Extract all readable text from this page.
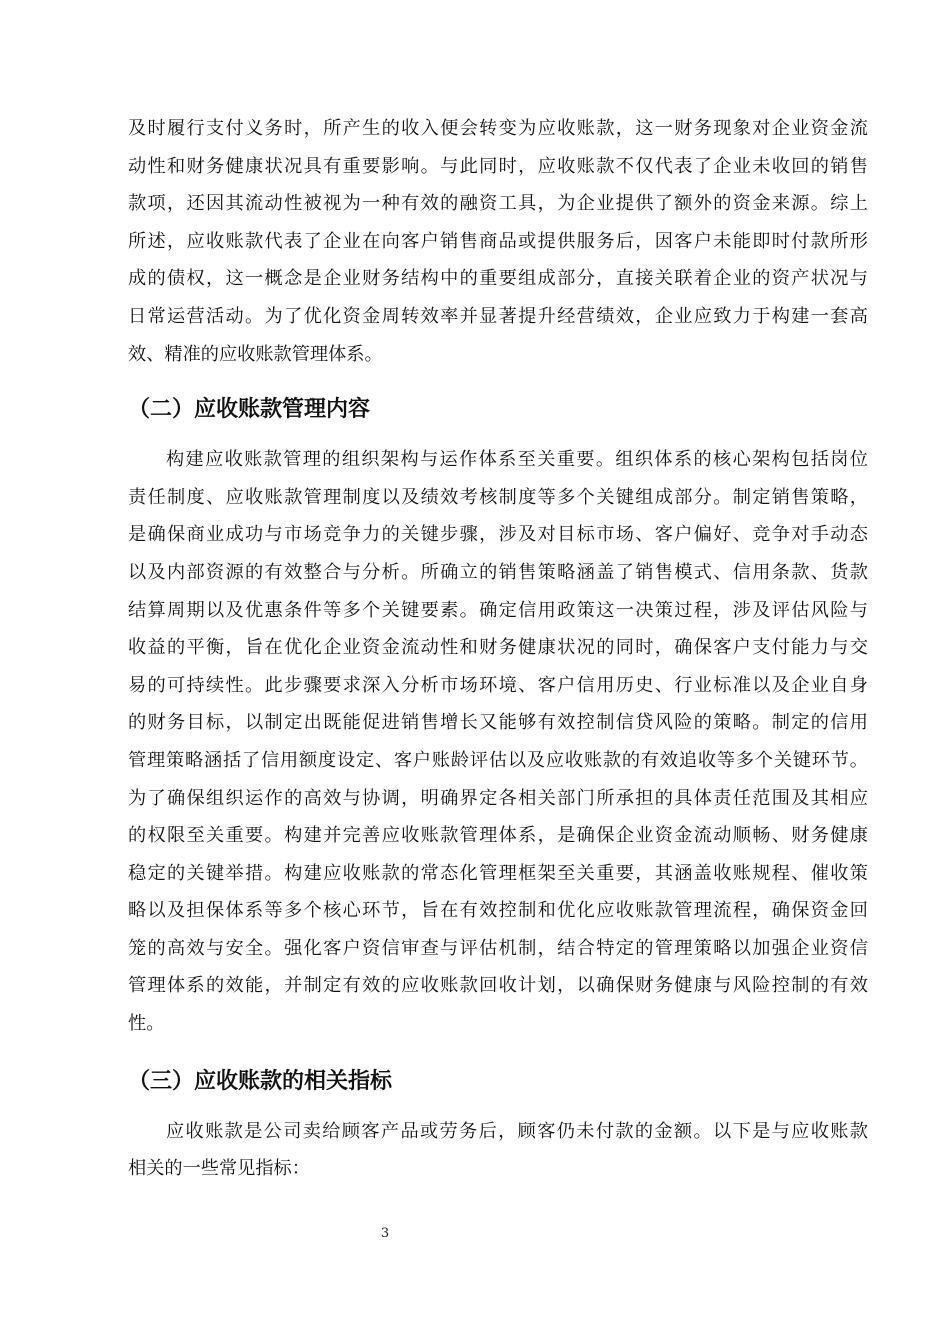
及时履行支付义务时，所产生的收入便会转变为应收账款，这一财务现象对企业资金流
动性和财务健康状况具有重要影响。与此同时，应收账款不仅代表了企业未收回的销售
款项，还因其流动性被视为一种有效的融资工具，为企业提供了额外的资金来源。综上
所述，应收账款代表了企业在向客户销售商品或提供服务后，因客户未能即时付款所形
成的债权，这一概念是企业财务结构中的重要组成部分，直接关联着企业的资产状况与
日常运营活动。为了优化资金周转效率并显著提升经营绩效，企业应致力于构建一套高
效、精准的应收账款管理体系。
（二）应收账款管理内容
构建应收账款管理的组织架构与运作体系至关重要。组织体系的核心架构包括岗位
责任制度、应收账款管理制度以及绩效考核制度等多个关键组成部分。制定销售策略，
是确保商业成功与市场竞争力的关键步骤，涉及对目标市场、客户偏好、竞争对手动态
以及内部资源的有效整合与分析。所确立的销售策略涵盖了销售模式、信用条款、货款
结算周期以及优惠条件等多个关键要素。确定信用政策这一决策过程，涉及评估风险与
收益的平衡，旨在优化企业资金流动性和财务健康状况的同时，确保客户支付能力与交
易的可持续性。此步骤要求深入分析市场环境、客户信用历史、行业标准以及企业自身
的财务目标，以制定出既能促进销售增长又能够有效控制信贷风险的策略。制定的信用
管理策略涵括了信用额度设定、客户账龄评估以及应收账款的有效追收等多个关键环节。
为了确保组织运作的高效与协调，明确界定各相关部门所承担的具体责任范围及其相应
的权限至关重要。构建并完善应收账款管理体系，是确保企业资金流动顺畅、财务健康
稳定的关键举措。构建应收账款的常态化管理框架至关重要，其涵盖收账规程、催收策
略以及担保体系等多个核心环节，旨在有效控制和优化应收账款管理流程，确保资金回
笼的高效与安全。强化客户资信审查与评估机制，结合特定的管理策略以加强企业资信
管理体系的效能，并制定有效的应收账款回收计划，以确保财务健康与风险控制的有效
性。
（三）应收账款的相关指标
应收账款是公司卖给顾客产品或劳务后，顾客仍未付款的金额。以下是与应收账款
相关的一些常见指标：
3
